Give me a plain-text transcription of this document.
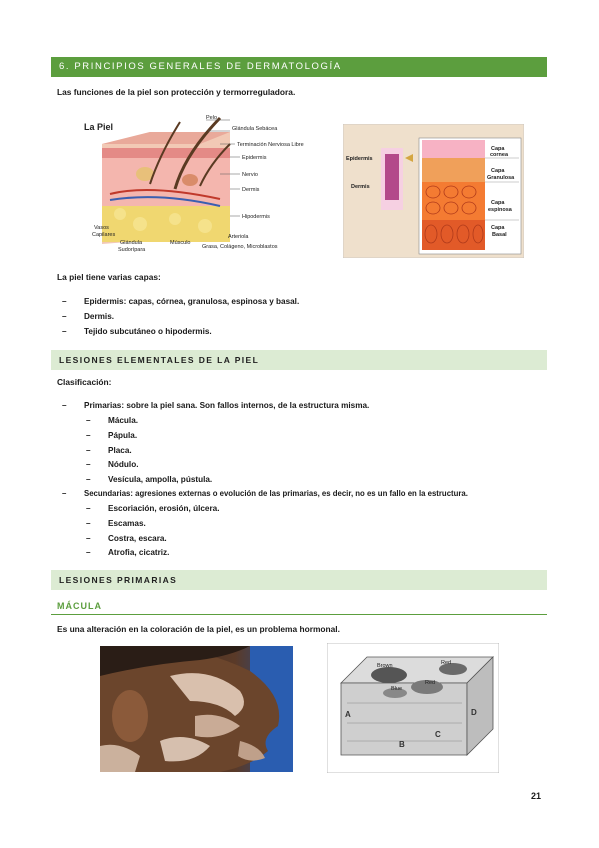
6. PRINCIPIOS GENERALES DE DERMATOLOGÍA
Las funciones de la piel son protección y termorreguladora.
La Piel
Pelo
Glándula Sebácea
Terminación Nerviosa Libre
Epidermis
Nervio
Dermis
Hipodermis
Vasos
Capilares
Glándula
Sudorípara
Músculo
Arteriola
Grasa, Colágeno, Microblastos
Epidermis
Dermis
Capa
cornea
Capa
Granulosa
Capa
espinosa
Capa
Basal
La piel tiene varias capas:
– Epidermis: capas, córnea, granulosa, espinosa y basal.
– Dermis.
– Tejido subcutáneo o hipodermis.
LESIONES ELEMENTALES DE LA PIEL
Clasificación:
– Primarias: sobre la piel sana. Son fallos internos, de la estructura misma.
– Mácula.
– Pápula.
– Placa.
– Nódulo.
– Vesícula, ampolla, pústula.
– Secundarias: agresiones externas o evolución de las primarias, es decir, no es un fallo en la estructura.
– Escoriación, erosión, úlcera.
– Escamas.
– Costra, escara.
– Atrofia, cicatriz.
LESIONES PRIMARIAS
MÁCULA
Es una alteración en la coloración de la piel, es un problema hormonal.
Brown	Red
Red
Blue
A
B
C
D
21
